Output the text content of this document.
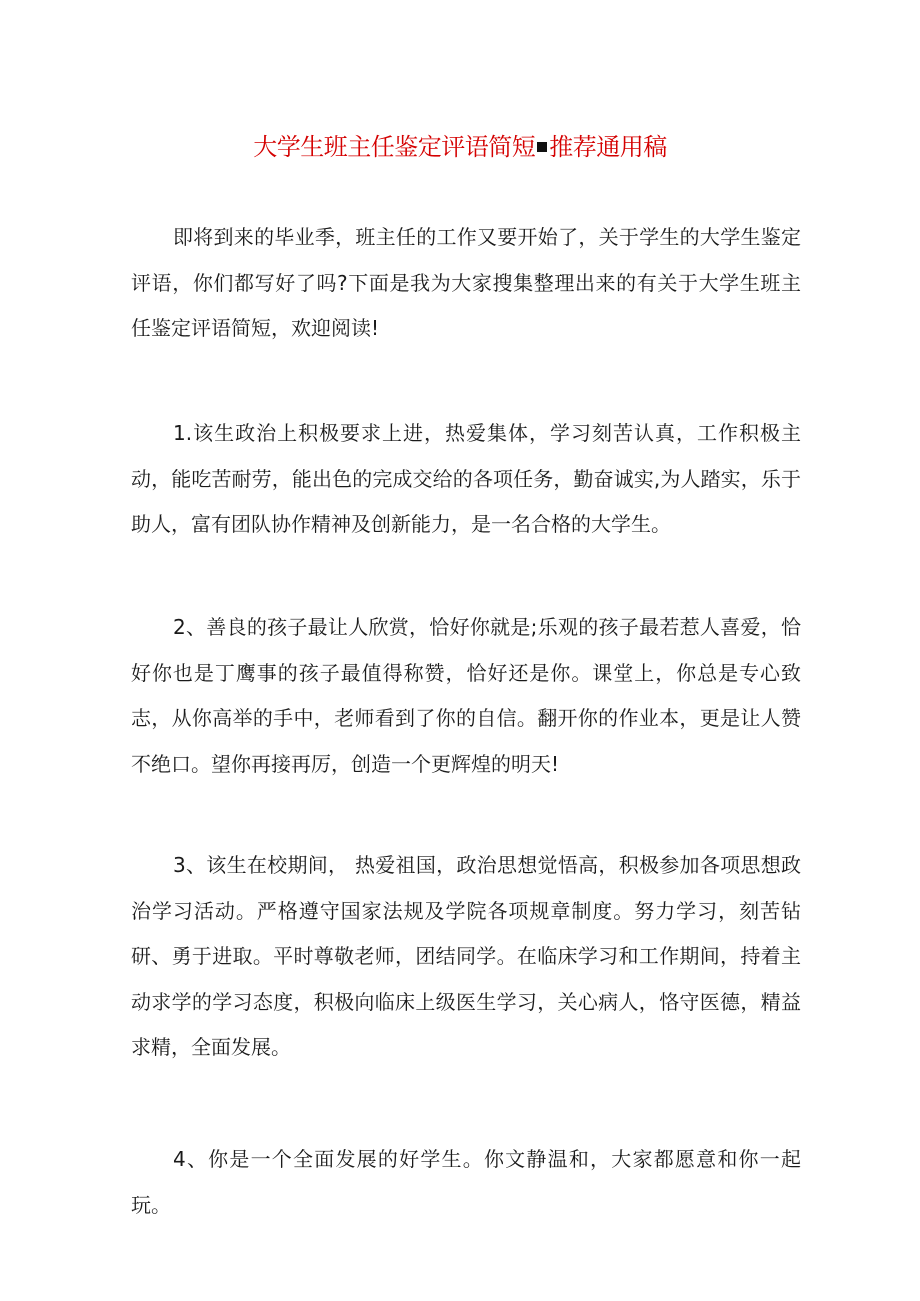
大学生班主任鉴定评语简短 推荐通用稿

即将到来的毕业季，班主任的工作又要开始了，关于学生的大学生鉴定评语，你们都写好了吗?下面是我为大家搜集整理出来的有关于大学生班主任鉴定评语简短，欢迎阅读!

1.该生政治上积极要求上进，热爱集体，学习刻苦认真，工作积极主动，能吃苦耐劳，能出色的完成交给的各项任务，勤奋诚实,为人踏实，乐于助人，富有团队协作精神及创新能力，是一名合格的大学生。

2、善良的孩子最让人欣赏，恰好你就是;乐观的孩子最若惹人喜爱，恰好你也是丁鹰事的孩子最值得称赞，恰好还是你。课堂上，你总是专心致志，从你高举的手中，老师看到了你的自信。翻开你的作业本，更是让人赞不绝口。望你再接再厉，创造一个更辉煌的明天!

3、该生在校期间， 热爱祖国，政治思想觉悟高，积极参加各项思想政治学习活动。严格遵守国家法规及学院各项规章制度。努力学习，刻苦钻研、勇于进取。平时尊敬老师，团结同学。在临床学习和工作期间，持着主动求学的学习态度，积极向临床上级医生学习，关心病人，恪守医德，精益求精，全面发展。

4、你是一个全面发展的好学生。你文静温和，大家都愿意和你一起玩。
